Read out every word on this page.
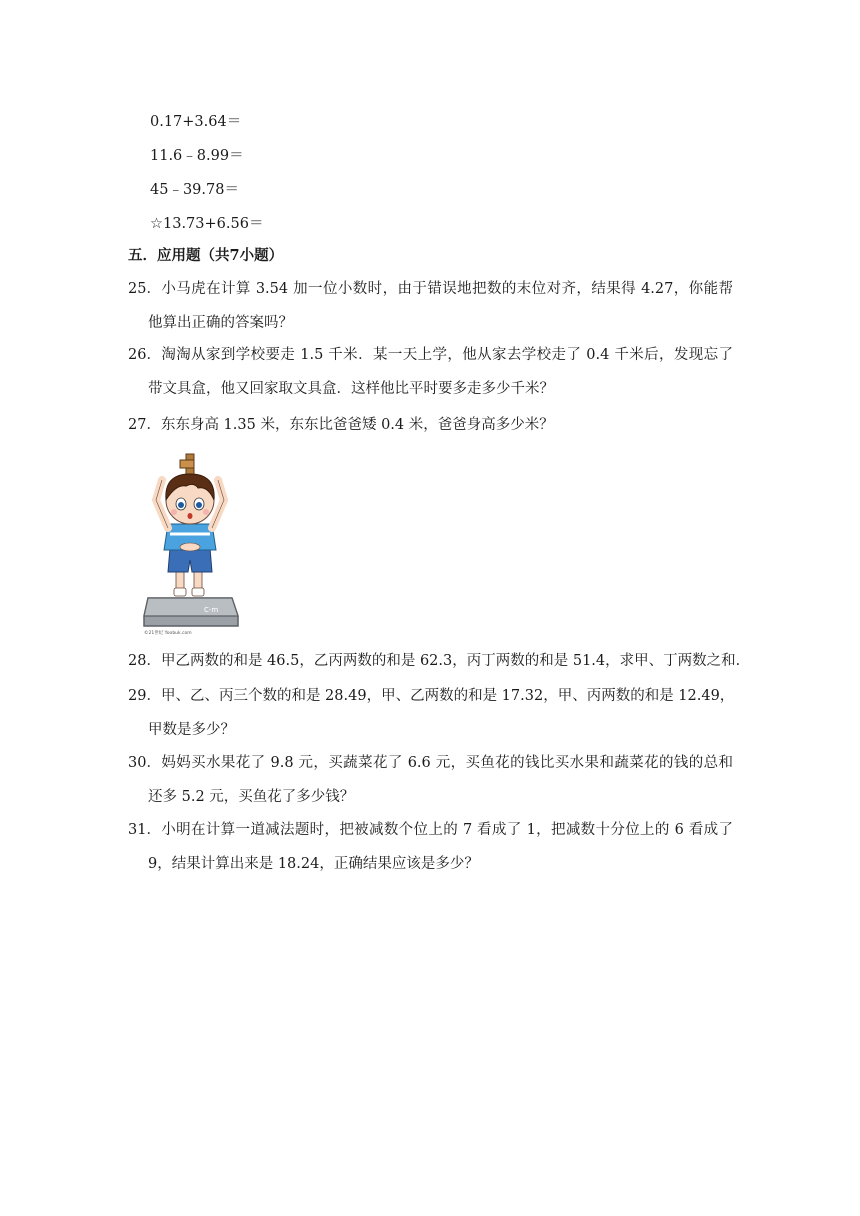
0.17+3.64＝
11.6﹣8.99＝
45﹣39.78＝
☆13.73+6.56＝
五．应用题（共7小题）
25．小马虎在计算 3.54 加一位小数时，由于错误地把数的末位对齐，结果得 4.27，你能帮
他算出正确的答案吗？
26．淘淘从家到学校要走 1.5 千米．某一天上学，他从家去学校走了 0.4 千米后，发现忘了
带文具盒，他又回家取文具盒．这样他比平时要多走多少千米？
27．东东身高 1.35 米，东东比爸爸矮 0.4 米，爸爸身高多少米？
C-m
©21世纪 Yoobuk.com
28．甲乙两数的和是 46.5，乙丙两数的和是 62.3，丙丁两数的和是 51.4，求甲、丁两数之和．
29．甲、乙、丙三个数的和是 28.49，甲、乙两数的和是 17.32，甲、丙两数的和是 12.49，
甲数是多少？
30．妈妈买水果花了 9.8 元，买蔬菜花了 6.6 元，买鱼花的钱比买水果和蔬菜花的钱的总和
还多 5.2 元，买鱼花了多少钱？
31．小明在计算一道减法题时，把被减数个位上的 7 看成了 1，把减数十分位上的 6 看成了
9，结果计算出来是 18.24，正确结果应该是多少？
